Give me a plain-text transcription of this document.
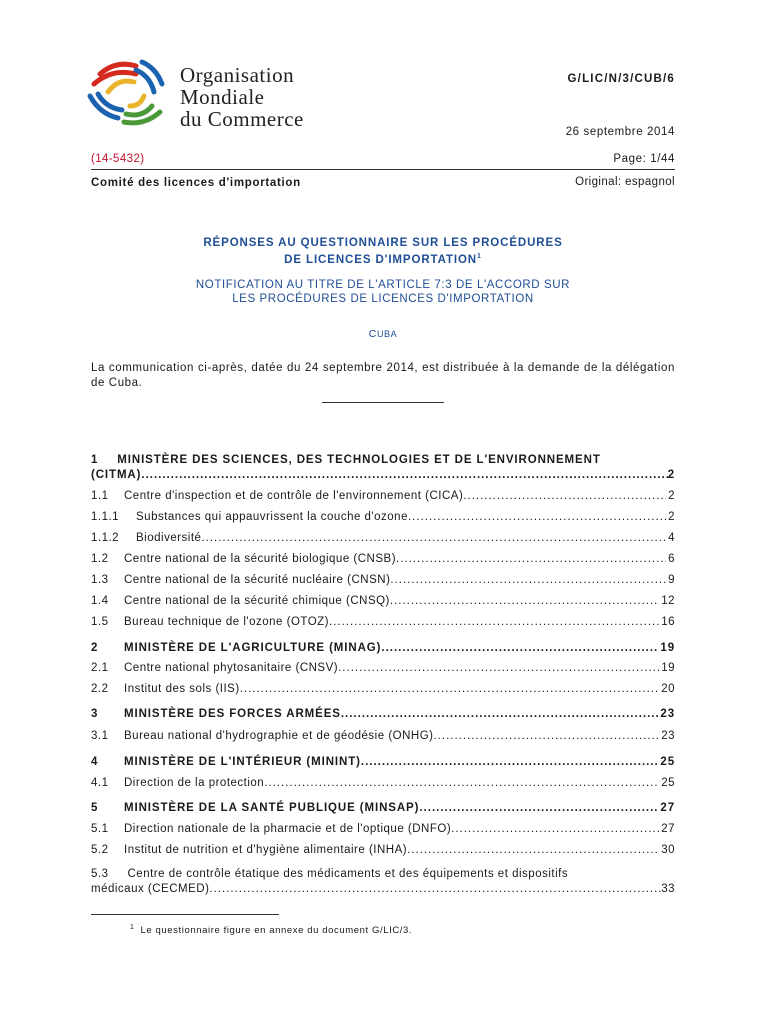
Organisation
Mondiale
du Commerce
G/LIC/N/3/CUB/6
26 septembre 2014
(14-5432)	Page: 1/44
Comité des licences d'importation	Original: espagnol
RÉPONSES AU QUESTIONNAIRE SUR LES PROCÉDURES
DE LICENCES D'IMPORTATION$^1$
NOTIFICATION AU TITRE DE L'ARTICLE 7:3 DE L'ACCORD SUR
LES PROCÉDURES DE LICENCES D'IMPORTATION
CUBA
La communication ci-après, datée du 24 septembre 2014, est distribuée à la demande de la délégation de Cuba.
1 MINISTÈRE DES SCIENCES, DES TECHNOLOGIES ET DE L'ENVIRONNEMENT
(CITMA) .....	2
1.1 Centre d'inspection et de contrôle de l'environnement (CICA) .....	2
1.1.1 Substances qui appauvrissent la couche d'ozone .....	2
1.1.2 Biodiversité .....	4
1.2 Centre national de la sécurité biologique (CNSB) .....	6
1.3 Centre national de la sécurité nucléaire (CNSN) .....	9
1.4 Centre national de la sécurité chimique (CNSQ) .....	12
1.5 Bureau technique de l'ozone (OTOZ) .....	16
2 MINISTÈRE DE L'AGRICULTURE (MINAG) .....	19
2.1 Centre national phytosanitaire (CNSV) .....	19
2.2 Institut des sols (IIS) .....	20
3 MINISTÈRE DES FORCES ARMÉES .....	23
3.1 Bureau national d'hydrographie et de géodésie (ONHG) .....	23
4 MINISTÈRE DE L'INTÉRIEUR (MININT) .....	25
4.1 Direction de la protection .....	25
5 MINISTÈRE DE LA SANTÉ PUBLIQUE (MINSAP) .....	27
5.1 Direction nationale de la pharmacie et de l'optique (DNFO) .....	27
5.2 Institut de nutrition et d'hygiène alimentaire (INHA) .....	30
5.3 Centre de contrôle étatique des médicaments et des équipements et dispositifs
médicaux (CECMED) .....	33
$^1$ Le questionnaire figure en annexe du document G/LIC/3.
